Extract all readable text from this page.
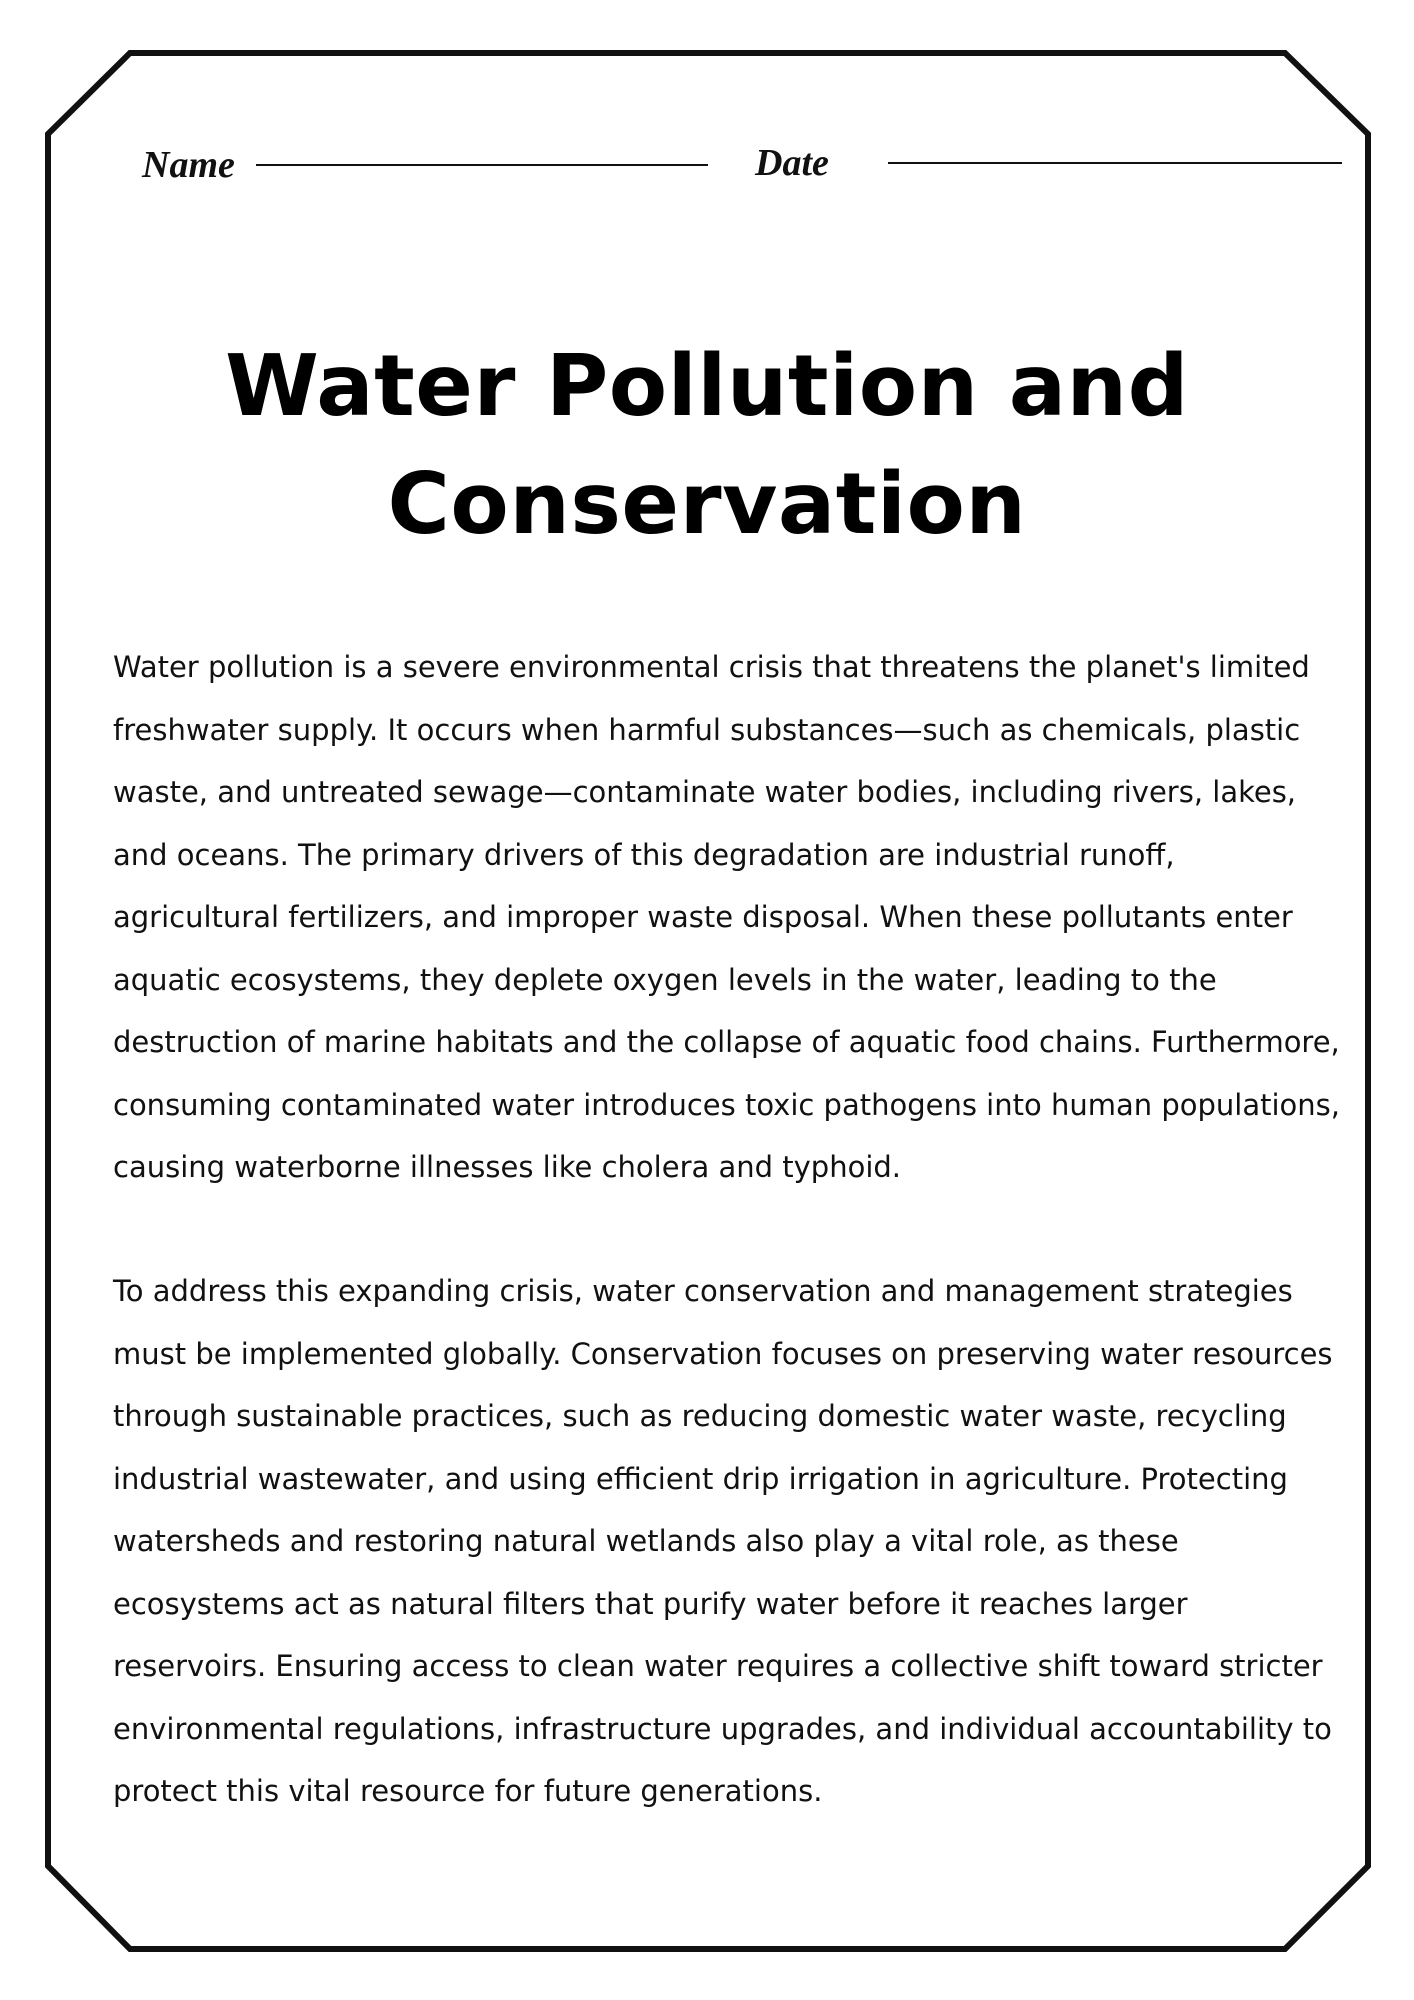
Name	Date
Water Pollution and
Conservation

Water pollution is a severe environmental crisis that threatens the planet's limited freshwater supply. It occurs when harmful substances—such as chemicals, plastic waste, and untreated sewage—contaminate water bodies, including rivers, lakes, and oceans. The primary drivers of this degradation are industrial runoff, agricultural fertilizers, and improper waste disposal. When these pollutants enter aquatic ecosystems, they deplete oxygen levels in the water, leading to the destruction of marine habitats and the collapse of aquatic food chains. Furthermore, consuming contaminated water introduces toxic pathogens into human populations, causing waterborne illnesses like cholera and typhoid.

To address this expanding crisis, water conservation and management strategies must be implemented globally. Conservation focuses on preserving water resources through sustainable practices, such as reducing domestic water waste, recycling industrial wastewater, and using efficient drip irrigation in agriculture. Protecting watersheds and restoring natural wetlands also play a vital role, as these ecosystems act as natural filters that purify water before it reaches larger reservoirs. Ensuring access to clean water requires a collective shift toward stricter environmental regulations, infrastructure upgrades, and individual accountability to protect this vital resource for future generations.
